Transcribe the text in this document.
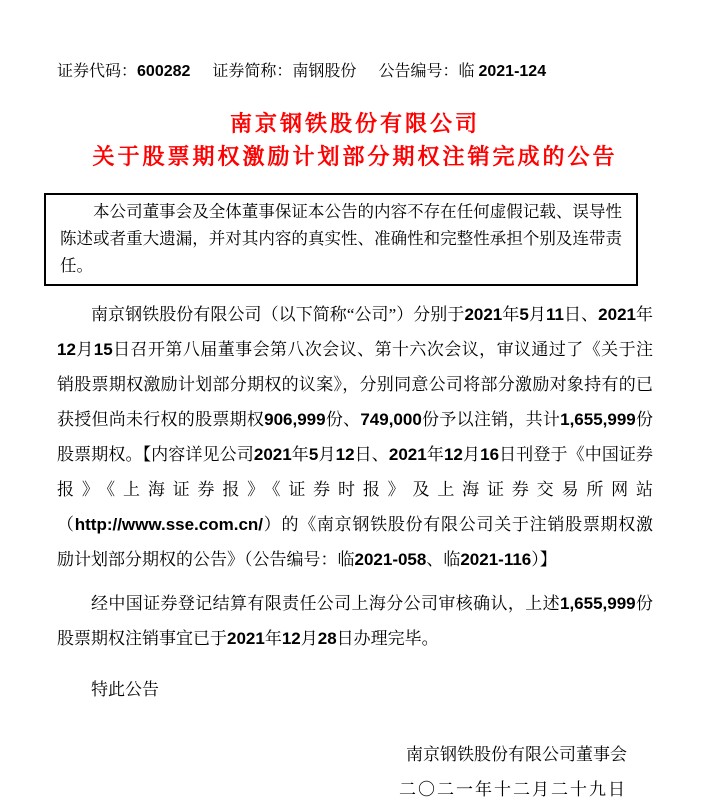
证券代码：600282 证券简称：南钢股份 公告编号：临 2021-124
南京钢铁股份有限公司
关于股票期权激励计划部分期权注销完成的公告
本公司董事会及全体董事保证本公告的内容不存在任何虚假记载、误导性陈述或者重大遗漏，并对其内容的真实性、准确性和完整性承担个别及连带责任。

南京钢铁股份有限公司（以下简称“公司”）分别于2021年5月11日、2021年12月15日召开第八届董事会第八次会议、第十六次会议，审议通过了《关于注销股票期权激励计划部分期权的议案》，分别同意公司将部分激励对象持有的已获授但尚未行权的股票期权906,999份、749,000份予以注销，共计1,655,999份股票期权。【内容详见公司2021年5月12日、2021年12月16日刊登于《中国证券报》《上海证券报》《证券时报》及上海证券交易所网站（http://www.sse.com.cn/）的《南京钢铁股份有限公司关于注销股票期权激励计划部分期权的公告》（公告编号：临2021-058、临2021-116）】

经中国证券登记结算有限责任公司上海分公司审核确认，上述1,655,999份股票期权注销事宜已于2021年12月28日办理完毕。

特此公告

南京钢铁股份有限公司董事会
二〇二一年十二月二十九日
